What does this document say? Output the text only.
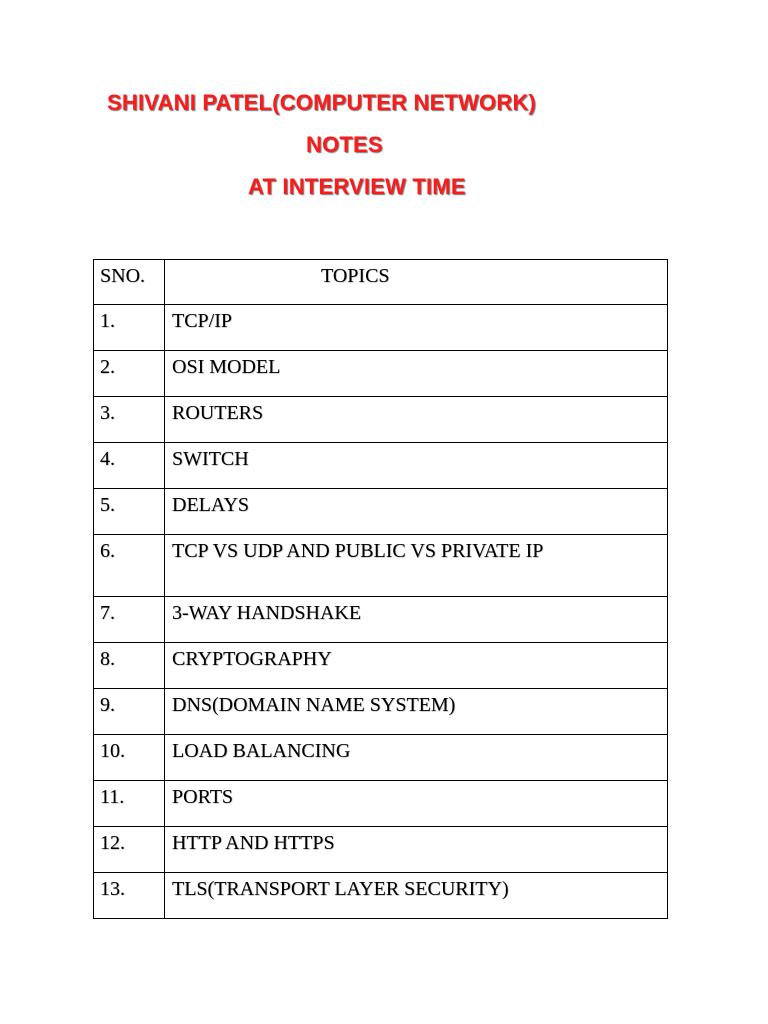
SHIVANI PATEL(COMPUTER NETWORK)
NOTES
AT INTERVIEW TIME
SNO.	TOPICS
1.	TCP/IP
2.	OSI MODEL
3.	ROUTERS
4.	SWITCH
5.	DELAYS
6.	TCP VS UDP AND PUBLIC VS PRIVATE IP
7.	3-WAY HANDSHAKE
8.	CRYPTOGRAPHY
9.	DNS(DOMAIN NAME SYSTEM)
10.	LOAD BALANCING
11.	PORTS
12.	HTTP AND HTTPS
13.	TLS(TRANSPORT LAYER SECURITY)
